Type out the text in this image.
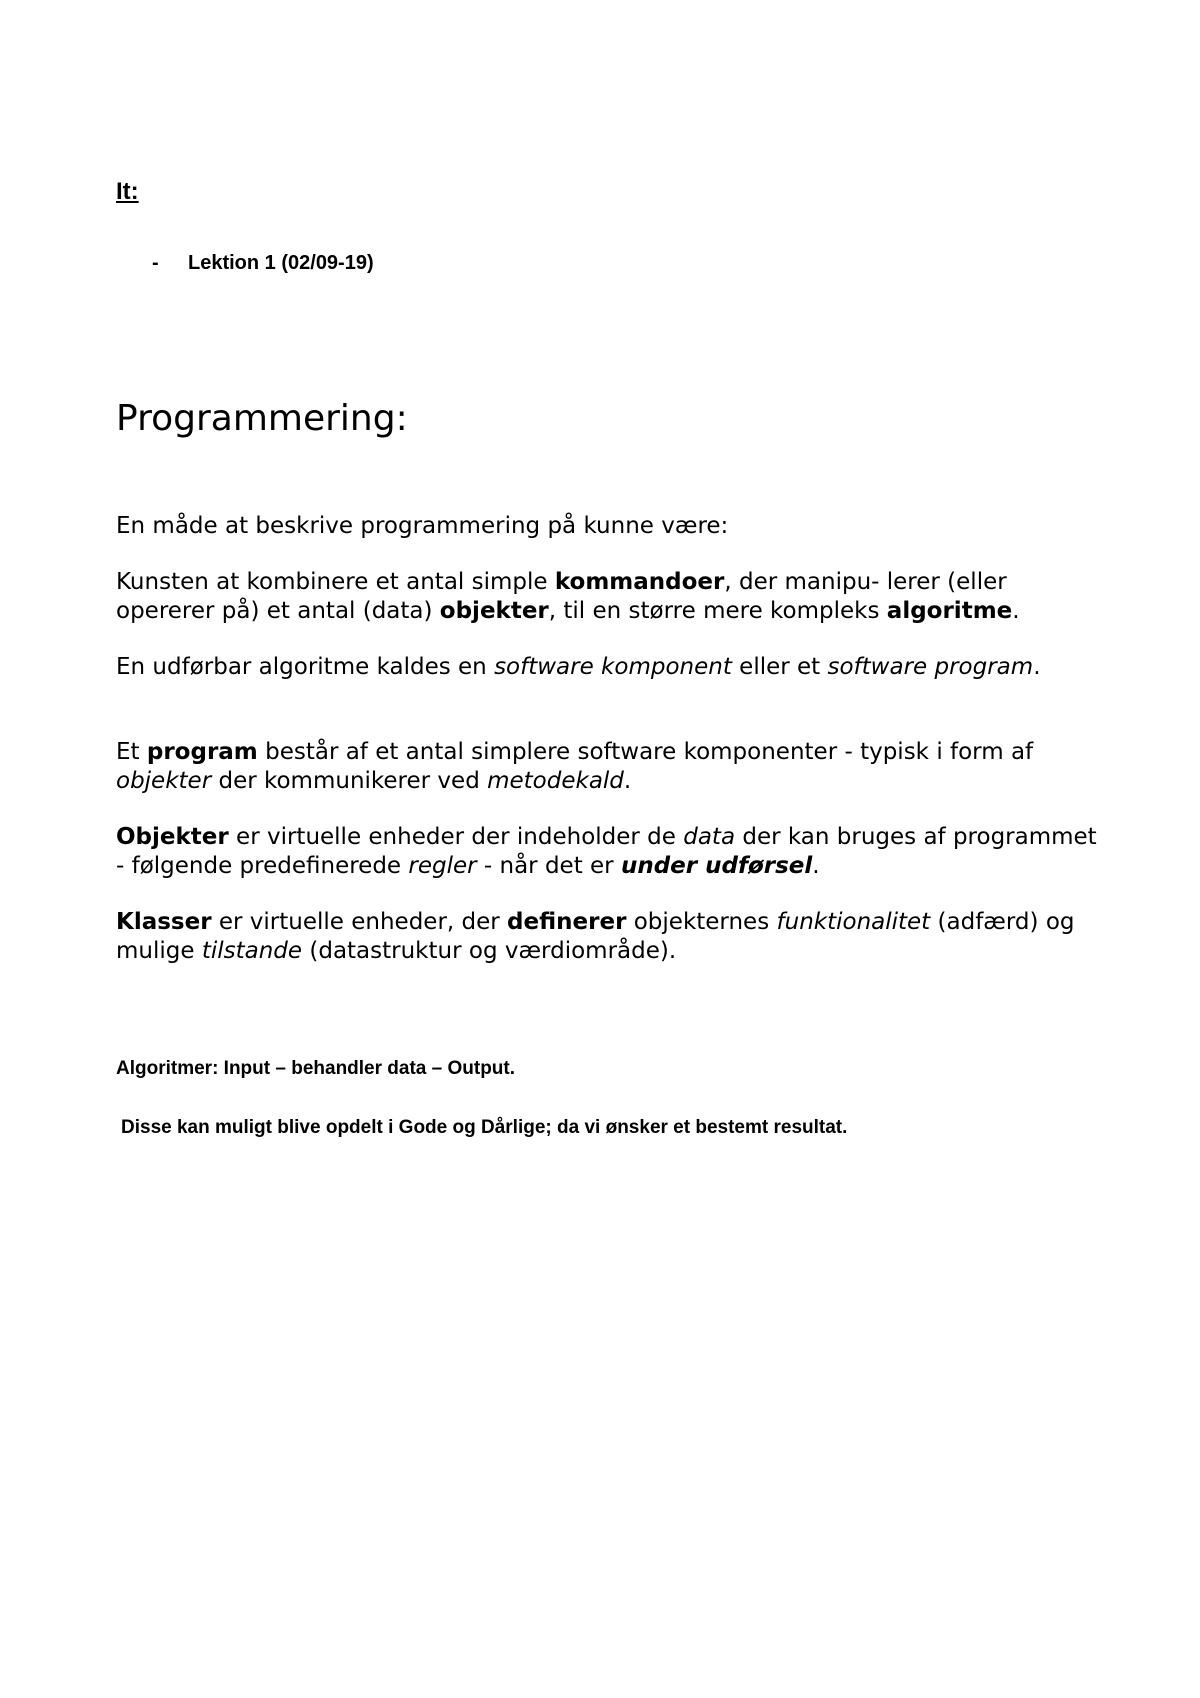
It:
-	Lektion 1 (02/09-19)
Programmering:

En måde at beskrive programmering på kunne være:

Kunsten at kombinere et antal simple kommandoer, der manipu- lerer (eller opererer på) et antal (data) objekter, til en større mere kompleks algoritme.

En udførbar algoritme kaldes en software komponent eller et software program.

Et program består af et antal simplere software komponenter - typisk i form af objekter der kommunikerer ved metodekald.

Objekter er virtuelle enheder der indeholder de data der kan bruges af programmet - følgende predefinerede regler - når det er under udførsel.

Klasser er virtuelle enheder, der definerer objekternes funktionalitet (adfærd) og mulige tilstande (datastruktur og værdiområde).

Algoritmer: Input – behandler data – Output.

Disse kan muligt blive opdelt i Gode og Dårlige; da vi ønsker et bestemt resultat.
